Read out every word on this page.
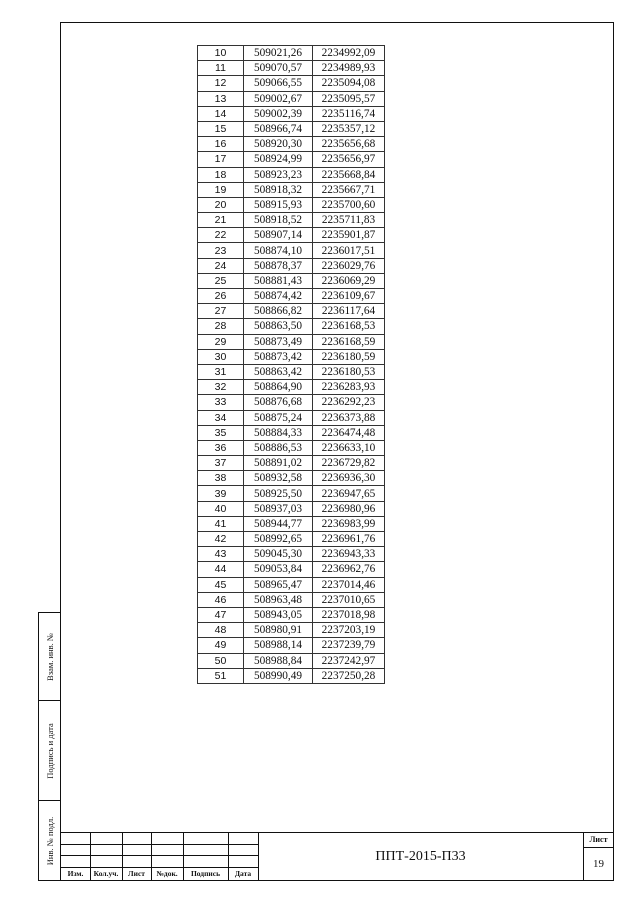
Взам. инв. №
Подпись и дата
Инв. № подл.
10	509021,26	2234992,09
11	509070,57	2234989,93
12	509066,55	2235094,08
13	509002,67	2235095,57
14	509002,39	2235116,74
15	508966,74	2235357,12
16	508920,30	2235656,68
17	508924,99	2235656,97
18	508923,23	2235668,84
19	508918,32	2235667,71
20	508915,93	2235700,60
21	508918,52	2235711,83
22	508907,14	2235901,87
23	508874,10	2236017,51
24	508878,37	2236029,76
25	508881,43	2236069,29
26	508874,42	2236109,67
27	508866,82	2236117,64
28	508863,50	2236168,53
29	508873,49	2236168,59
30	508873,42	2236180,59
31	508863,42	2236180,53
32	508864,90	2236283,93
33	508876,68	2236292,23
34	508875,24	2236373,88
35	508884,33	2236474,48
36	508886,53	2236633,10
37	508891,02	2236729,82
38	508932,58	2236936,30
39	508925,50	2236947,65
40	508937,03	2236980,96
41	508944,77	2236983,99
42	508992,65	2236961,76
43	509045,30	2236943,33
44	509053,84	2236962,76
45	508965,47	2237014,46
46	508963,48	2237010,65
47	508943,05	2237018,98
48	508980,91	2237203,19
49	508988,14	2237239,79
50	508988,84	2237242,97
51	508990,49	2237250,28
Изм.	Кол.уч.	Лист	№док.	Подпись	Дата
ППТ-2015-П33
Лист
19
